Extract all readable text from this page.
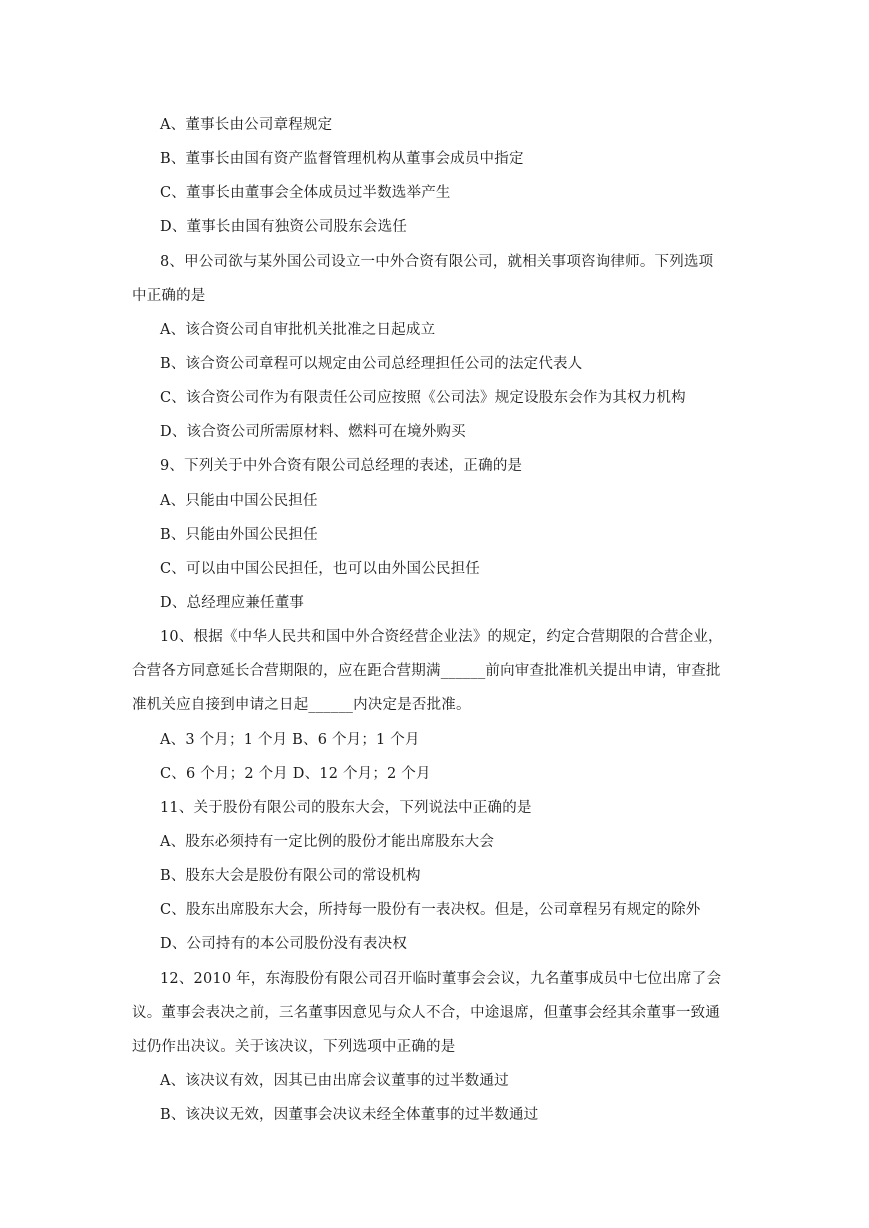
A、董事长由公司章程规定
B、董事长由国有资产监督管理机构从董事会成员中指定
C、董事长由董事会全体成员过半数选举产生
D、董事长由国有独资公司股东会选任
8、甲公司欲与某外国公司设立一中外合资有限公司，就相关事项咨询律师。下列选项
中正确的是
A、该合资公司自审批机关批准之日起成立
B、该合资公司章程可以规定由公司总经理担任公司的法定代表人
C、该合资公司作为有限责任公司应按照《公司法》规定设股东会作为其权力机构
D、该合资公司所需原材料、燃料可在境外购买
9、下列关于中外合资有限公司总经理的表述，正确的是
A、只能由中国公民担任
B、只能由外国公民担任
C、可以由中国公民担任，也可以由外国公民担任
D、总经理应兼任董事
10、根据《中华人民共和国中外合资经营企业法》的规定，约定合营期限的合营企业，
合营各方同意延长合营期限的，应在距合营期满______前向审查批准机关提出申请，审查批
准机关应自接到申请之日起______内决定是否批准。
A、3 个月；1 个月 B、6 个月；1 个月
C、6 个月；2 个月 D、12 个月；2 个月
11、关于股份有限公司的股东大会，下列说法中正确的是
A、股东必须持有一定比例的股份才能出席股东大会
B、股东大会是股份有限公司的常设机构
C、股东出席股东大会，所持每一股份有一表决权。但是，公司章程另有规定的除外
D、公司持有的本公司股份没有表决权
12、2010 年，东海股份有限公司召开临时董事会会议，九名董事成员中七位出席了会
议。董事会表决之前，三名董事因意见与众人不合，中途退席，但董事会经其余董事一致通
过仍作出决议。关于该决议，下列选项中正确的是
A、该决议有效，因其已由出席会议董事的过半数通过
B、该决议无效，因董事会决议未经全体董事的过半数通过
